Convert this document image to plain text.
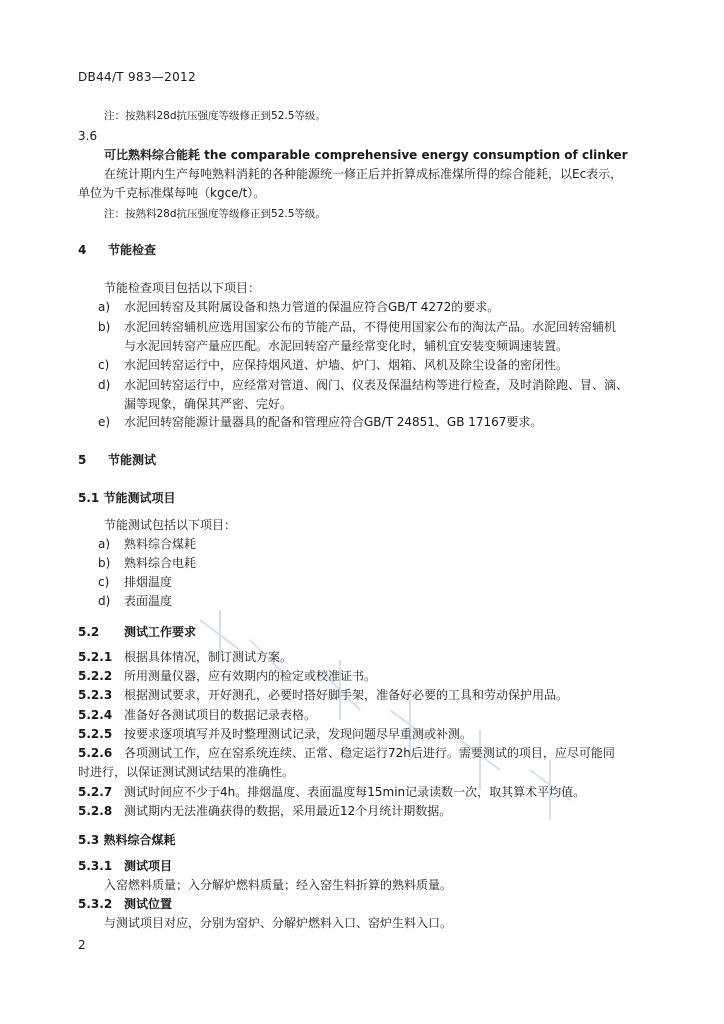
DB44/T 983—2012
注：按熟料28d抗压强度等级修正到52.5等级。
3.6
可比熟料综合能耗 the comparable comprehensive energy consumption of clinker
在统计期内生产每吨熟料消耗的各种能源统一修正后并折算成标准煤所得的综合能耗，以Ec表示，
单位为千克标准煤每吨（kgce/t）。
注：按熟料28d抗压强度等级修正到52.5等级。
4 节能检查
节能检查项目包括以下项目：
a) 水泥回转窑及其附属设备和热力管道的保温应符合GB/T 4272的要求。
b) 水泥回转窑辅机应选用国家公布的节能产品，不得使用国家公布的淘汰产品。水泥回转窑辅机
与水泥回转窑产量应匹配。水泥回转窑产量经常变化时，辅机宜安装变频调速装置。
c) 水泥回转窑运行中，应保持烟风道、炉墙、炉门、烟箱、风机及除尘设备的密闭性。
d) 水泥回转窑运行中，应经常对管道、阀门、仪表及保温结构等进行检查，及时消除跑、冒、滴、
漏等现象，确保其严密、完好。
e) 水泥回转窑能源计量器具的配备和管理应符合GB/T 24851、GB 17167要求。
5 节能测试
5.1 节能测试项目
节能测试包括以下项目：
a) 熟料综合煤耗
b) 熟料综合电耗
c) 排烟温度
d) 表面温度
5.2 测试工作要求
5.2.1 根据具体情况，制订测试方案。
5.2.2 所用测量仪器，应有效期内的检定或校准证书。
5.2.3 根据测试要求，开好测孔，必要时搭好脚手架，准备好必要的工具和劳动保护用品。
5.2.4 准备好各测试项目的数据记录表格。
5.2.5 按要求逐项填写并及时整理测试记录，发现问题尽早重测或补测。
5.2.6 各项测试工作，应在窑系统连续、正常、稳定运行72h后进行。需要测试的项目，应尽可能同
时进行，以保证测试测试结果的准确性。
5.2.7 测试时间应不少于4h。排烟温度、表面温度每15min记录读数一次，取其算术平均值。
5.2.8 测试期内无法准确获得的数据，采用最近12个月统计期数据。
5.3 熟料综合煤耗
5.3.1 测试项目
入窑燃料质量；入分解炉燃料质量；经入窑生料折算的熟料质量。
5.3.2 测试位置
与测试项目对应，分别为窑炉、分解炉燃料入口、窑炉生料入口。
2
